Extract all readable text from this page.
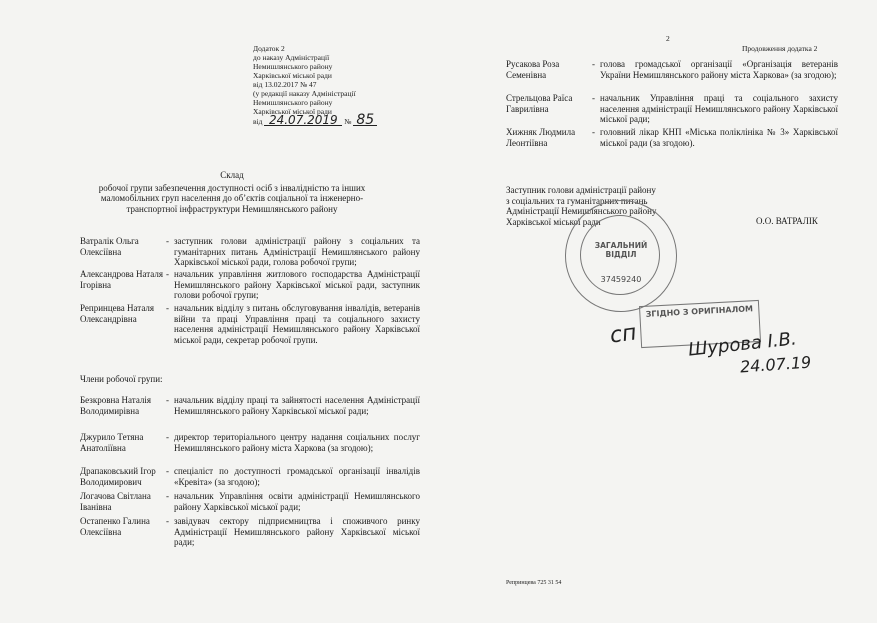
2
Продовження додатка 2
Додаток 2
до наказу Адміністрації
Немишлянського району
Харківської міської ради
від 13.02.2017 № 47
(у редакції наказу Адміністрації
Немишлянського району
Харківської міської ради
від 24.07.2019 № 85
Склад
робочої групи забезпечення доступності осіб з інвалідністю та інших
маломобільних груп населення до об’єктів соціальної та інженерно-
транспортної інфраструктури Немишлянського району
Ватралік Ольга Олексіївна
- заступник голови адміністрації району з соціальних та гуманітарних питань Адміністрації Немишлянського району Харківської міської ради, голова робочої групи;
Александрова Наталя Ігорівна
- начальник управління житлового господарства Адміністрації Немишлянського району Харківської міської ради, заступник голови робочої групи;
Репринцева Наталя Олександрівна
- начальник відділу з питань обслуговування інвалідів, ветеранів війни та праці Управління праці та соціального захисту населення адміністрації Немишлянського району Харківської міської ради, секретар робочої групи.
Члени робочої групи:
Безкровна Наталія Володимирівна
- начальник відділу праці та зайнятості населення Адміністрації Немишлянського району Харківської міської ради;
Джурило Тетяна Анатоліївна
- директор територіального центру надання соціальних послуг Немишлянського району міста Харкова (за згодою);
Драпаковський Ігор Володимирович
- спеціаліст по доступності громадської організації інвалідів «Кревіта» (за згодою);
Логачова Світлана Іванівна
- начальник Управління освіти адміністрації Немишлянського району Харківської міської ради;
Остапенко Галина Олексіївна
- завідувач сектору підприємництва і споживчого ринку Адміністрації Немишлянського району Харківської міської ради;
Русакова Роза Семенівна
- голова громадської організації «Організація ветеранів України Немишлянського району міста Харкова» (за згодою);
Стрельцова Раїса Гаврилівна
- начальник Управління праці та соціального захисту населення адміністрації Немишлянського району Харківської міської ради;
Хижняк Людмила Леонтіївна
- головний лікар КНП «Міська поліклініка № 3» Харківської міської ради (за згодою).
Заступник голови адміністрації району
з соціальних та гуманітарних питань
Адміністрації Немишлянського району
Харківської міської ради	О.О. ВАТРАЛІК
ЗАГАЛЬНИЙ ВІДДІЛ
37459240
ЗГІДНО З ОРИГІНАЛОМ
сп	Шурова І.В.
24.07.19
Репринцева 725 31 54
